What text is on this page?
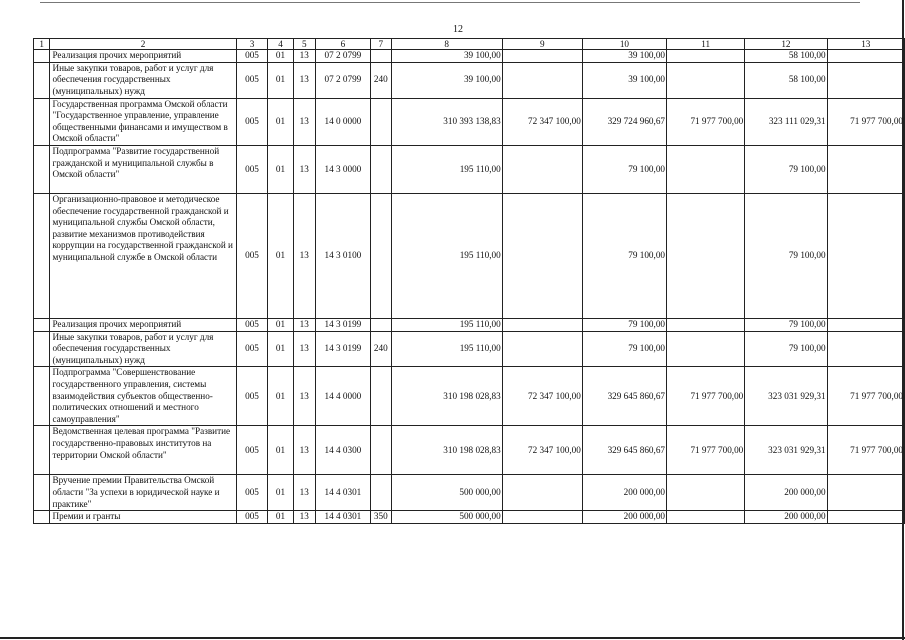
12
1	2	3	4	5	6	7	8	9	10	11	12	13
	Реализация прочих мероприятий	005	01	13	07 2 0799		39 100,00		39 100,00		58 100,00	
	Иные закупки товаров, работ и услуг для обеспечения государственных (муниципальных) нужд	005	01	13	07 2 0799	240	39 100,00		39 100,00		58 100,00	
	Государственная программа Омской области "Государственное управление, управление общественными финансами и имуществом в Омской области"	005	01	13	14 0 0000		310 393 138,83	72 347 100,00	329 724 960,67	71 977 700,00	323 111 029,31	71 977 700,00
	Подпрограмма "Развитие государственной гражданской и муниципальной службы в Омской области"	005	01	13	14 3 0000		195 110,00		79 100,00		79 100,00	
	Организационно-правовое и методическое обеспечение государственной гражданской и муниципальной службы Омской области, развитие механизмов противодействия коррупции на государственной гражданской и муниципальной службе в Омской области	005	01	13	14 3 0100		195 110,00		79 100,00		79 100,00	
	Реализация прочих мероприятий	005	01	13	14 3 0199		195 110,00		79 100,00		79 100,00	
	Иные закупки товаров, работ и услуг для обеспечения государственных (муниципальных) нужд	005	01	13	14 3 0199	240	195 110,00		79 100,00		79 100,00	
	Подпрограмма "Совершенствование государственного управления, системы взаимодействия субъектов общественно-политических отношений и местного самоуправления"	005	01	13	14 4 0000		310 198 028,83	72 347 100,00	329 645 860,67	71 977 700,00	323 031 929,31	71 977 700,00
	Ведомственная целевая программа "Развитие государственно-правовых институтов на территории Омской области"	005	01	13	14 4 0300		310 198 028,83	72 347 100,00	329 645 860,67	71 977 700,00	323 031 929,31	71 977 700,00
	Вручение премии Правительства Омской области "За успехи в юридической науке и практике"	005	01	13	14 4 0301		500 000,00		200 000,00		200 000,00	
	Премии и гранты	005	01	13	14 4 0301	350	500 000,00		200 000,00		200 000,00	
